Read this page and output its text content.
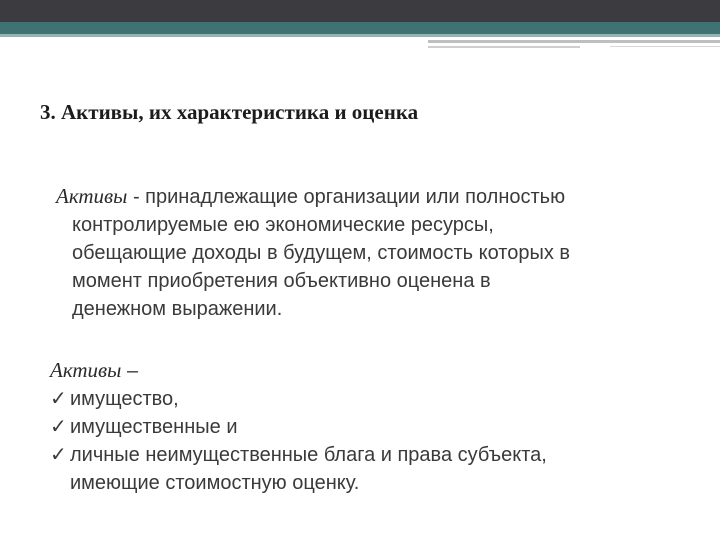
3. Активы, их характеристика и оценка
Активы - принадлежащие организации или полностью
контролируемые ею экономические ресурсы,
обещающие доходы в будущем, стоимость которых в
момент приобретения объективно оценена в
денежном выражении.
Активы –
✓ имущество,
✓ имущественные и
✓ личные неимущественные блага и права субъекта,
имеющие стоимостную оценку.
